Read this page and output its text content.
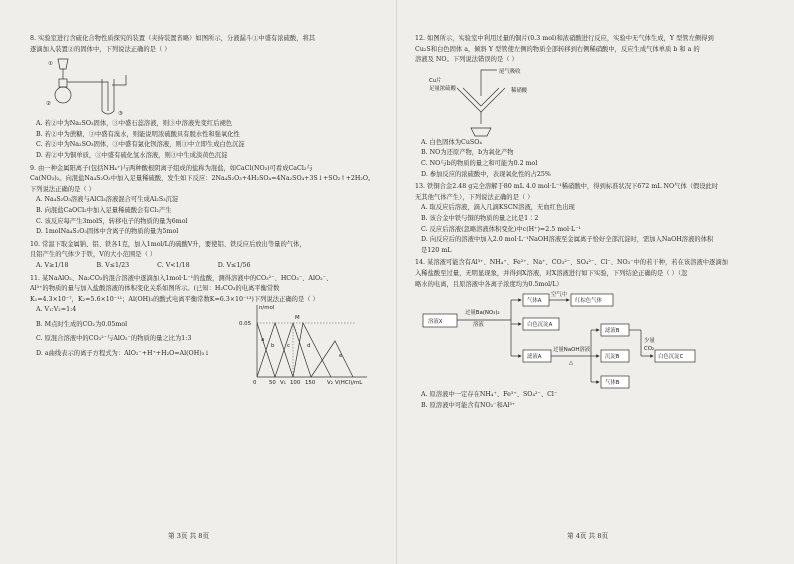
8. 实验室进行含硫化合物性质探究的装置（夹持装置省略）如图所示，分液漏斗①中盛有浓硫酸，将其
逐滴加入装置②的固体中，下列说法正确的是（ ）
①
②
③
A. 若②中为Na₂SO₃固体，③中盛石蕊溶液，则③中溶液先变红后褪色
B. 若②中为蔗糖，③中盛有溴水，则能说明浓硫酸具有脱水性和强氧化性
C. 若②中为Na₂SO₃固体，③中盛有氯化钡溶液，则③中立即生成白色沉淀
D. 若②中为铜单质，③中盛有硫化氢水溶液，则③中生成淡黄色沉淀
9. 由一种金属阳离子(包括NH₄⁺)与两种酸根阴离子组成的盐称为混盐，如CaCl(NO₃)可看成CaCl₂与
Ca(NO₃)₂。向混盐Na₄S₂O₃中加入足量稀硫酸，发生如下反应：2Na₄S₂O₃+4H₂SO₄=4Na₂SO₄+3S↓+SO₂↑+2H₂O。
下列说法正确的是（ ）
A. Na₄S₂O₃溶液与AlCl₃溶液混合可生成Al₂S₃沉淀
B. 向混盐CaOCl₂中加入足量稀硫酸会有Cl₂产生
C. 该反应每产生3molS，转移电子的物质的量为6mol
D. 1molNa₄S₂O₃固体中含离子的物质的量为5mol
10. 常温下取金属钠、铝、铁各1克，加入1mol/L的硫酸V升，要使铝、铁反应后放出等量的气体，
且铝产生的气体少于铁，V的大小范围是（ ）
A. V≥1/18	B. V≤1/23	C. V<1/18	D. V≤1/56
11. 某NaAlO₂、Na₂CO₃的混合溶液中逐滴加入1mol·L⁻¹的盐酸，测得溶液中的CO₃²⁻、HCO₃⁻、AlO₂⁻、
Al³⁺的物质的量与加入盐酸溶液的体积变化关系如图所示。(已知：H₂CO₃的电离平衡常数
K₁=4.3×10⁻⁷，K₂=5.6×10⁻¹¹；Al(OH)₃的酸式电离平衡常数K=6.3×10⁻¹³)下列说法正确的是（ ）
A. V₁:V₂=1:4
B. M点时生成的CO₂为0.05mol
C. 原混合溶液中的CO₃²⁻与AlO₂⁻的物质的量之比为1:3
D. a曲线表示的离子方程式为：AlO₂⁻+H⁺+H₂O=Al(OH)₃↓
n/mol
0.05
M
a
b c	d
e
0 50 V₁ 100 150 V₂ V(HCl)/mL
第 3页 共 8页
12. 如图所示，实验室中利用过量的铜片(0.3 mol)和浓硝酸进行反应，实验中无气体生成，Y 型管左侧得到
Cu₂S和白色固体 a，倾斜 Y 型管使左侧的物质全部转移到右侧稀硝酸中，反应生成气体单质 b 和 a 的
溶液及 NO。下列说法错误的是（ ）
尾气吸收
Cu片
足量浓硫酸	稀硝酸
A. 白色固体为CuSO₄
B. NO为还原产物，b为氧化产物
C. NO与b的物质的量之和可能为0.2 mol
D. 参加反应的浓硫酸中，表现氧化性的占25%
13. 铁铜合金2.48 g完全溶解于80 mL 4.0 mol·L⁻¹稀硝酸中，得到标准状况下672 mL NO气体（假设此时
无其他气体产生），下列说法正确的是（ ）
A. 取反应后溶液，滴入几滴KSCN溶液，无血红色出现
B. 该合金中铁与铜的物质的量之比是1∶2
C. 反应后溶液(忽略溶液体积变化)中c(H⁺)=2.5 mol·L⁻¹
D. 向反应后的溶液中加入2.0 mol·L⁻¹NaOH溶液至金属离子恰好全部沉淀时，需加入NaOH溶液的体积
是120 mL
14. 某溶液可能含有Al³⁺、NH₄⁺、Fe²⁺、Na⁺、CO₃²⁻、SO₄²⁻、Cl⁻、NO₃⁻中的若干种，若在该溶液中逐滴加
入稀盐酸至过量，无明显现象，并得到X溶液，对X溶液进行如下实验，下列结论正确的是（ ）（忽
略水的电离，且原溶液中各离子浓度均为0.5mol/L）
溶液X
过量Ba(NO₃)₂
溶液
气体A
空气中
红棕色气体
白色沉淀A
滤液A
过量NaOH溶液
△
滤液B
少量
CO₂
白色沉淀C
沉淀B
气体B
A. 原溶液中一定存在NH₄⁺、Fe²⁺、SO₄²⁻、Cl⁻
B. 原溶液中可能含有NO₃⁻和Al³⁺
第 4页 共 8页
